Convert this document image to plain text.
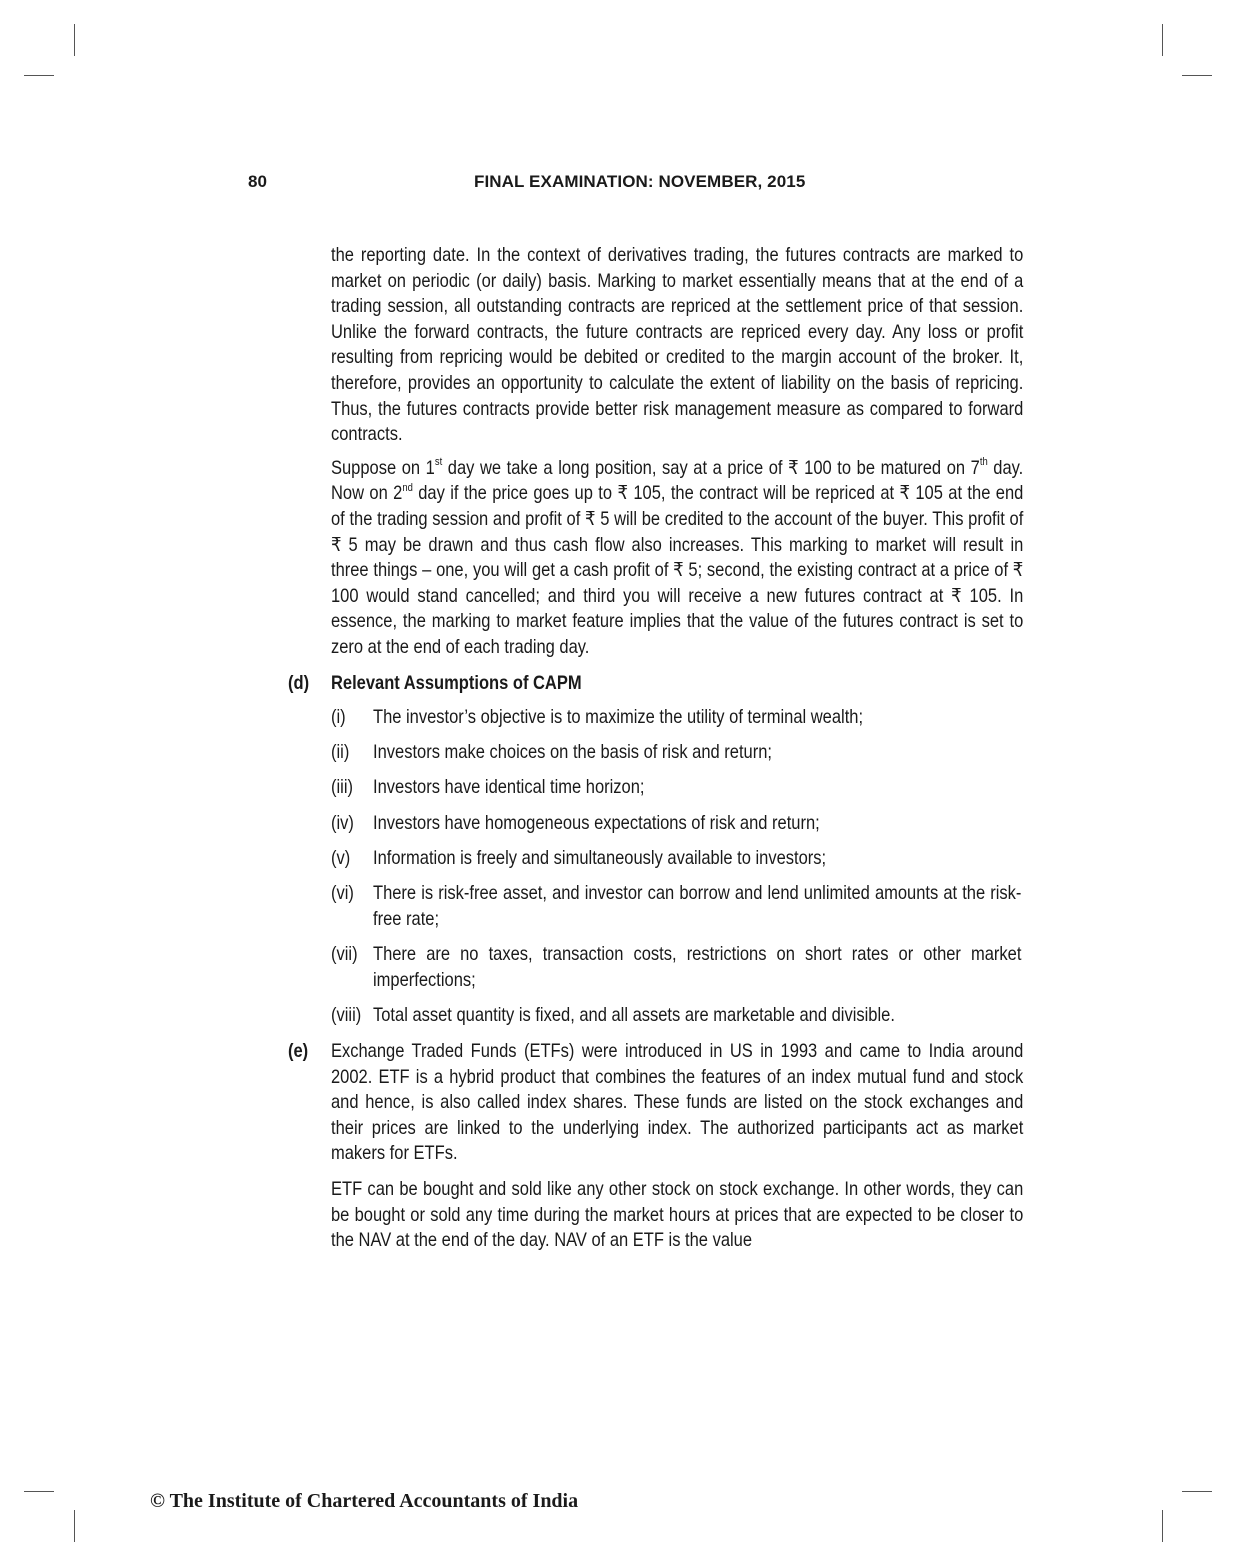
80	FINAL EXAMINATION: NOVEMBER, 2015
the reporting date. In the context of derivatives trading, the futures contracts are marked to market on periodic (or daily) basis. Marking to market essentially means that at the end of a trading session, all outstanding contracts are repriced at the settlement price of that session. Unlike the forward contracts, the future contracts are repriced every day. Any loss or profit resulting from repricing would be debited or credited to the margin account of the broker. It, therefore, provides an opportunity to calculate the extent of liability on the basis of repricing. Thus, the futures contracts provide better risk management measure as compared to forward contracts.
Suppose on 1st day we take a long position, say at a price of ₹ 100 to be matured on 7th day. Now on 2nd day if the price goes up to ₹ 105, the contract will be repriced at ₹ 105 at the end of the trading session and profit of ₹ 5 will be credited to the account of the buyer. This profit of ₹ 5 may be drawn and thus cash flow also increases. This marking to market will result in three things – one, you will get a cash profit of ₹ 5; second, the existing contract at a price of ₹ 100 would stand cancelled; and third you will receive a new futures contract at ₹ 105. In essence, the marking to market feature implies that the value of the futures contract is set to zero at the end of each trading day.
(d) Relevant Assumptions of CAPM
(i) The investor’s objective is to maximize the utility of terminal wealth;
(ii) Investors make choices on the basis of risk and return;
(iii) Investors have identical time horizon;
(iv) Investors have homogeneous expectations of risk and return;
(v) Information is freely and simultaneously available to investors;
(vi) There is risk-free asset, and investor can borrow and lend unlimited amounts at the risk-free rate;
(vii) There are no taxes, transaction costs, restrictions on short rates or other market imperfections;
(viii) Total asset quantity is fixed, and all assets are marketable and divisible.
(e) Exchange Traded Funds (ETFs) were introduced in US in 1993 and came to India around 2002. ETF is a hybrid product that combines the features of an index mutual fund and stock and hence, is also called index shares. These funds are listed on the stock exchanges and their prices are linked to the underlying index. The authorized participants act as market makers for ETFs.
ETF can be bought and sold like any other stock on stock exchange. In other words, they can be bought or sold any time during the market hours at prices that are expected to be closer to the NAV at the end of the day. NAV of an ETF is the value
© The Institute of Chartered Accountants of India
